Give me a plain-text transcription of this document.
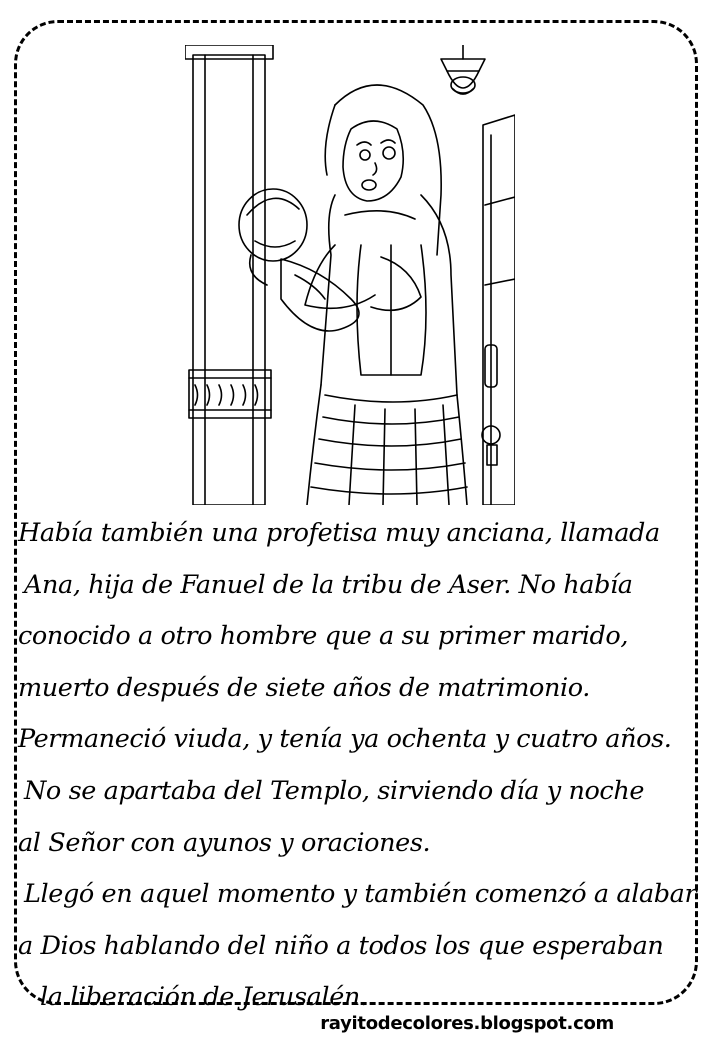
Había también una profetisa muy anciana, llamada
Ana, hija de Fanuel de la tribu de Aser. No había
conocido a otro hombre que a su primer marido,
muerto después de siete años de matrimonio.
Permaneció viuda, y tenía ya ochenta y cuatro años.
No se apartaba del Templo, sirviendo día y noche
al Señor con ayunos y oraciones.
Llegó en aquel momento y también comenzó a alabar
a Dios hablando del niño a todos los que esperaban
la liberación de Jerusalén.
rayitodecolores.blogspot.com
